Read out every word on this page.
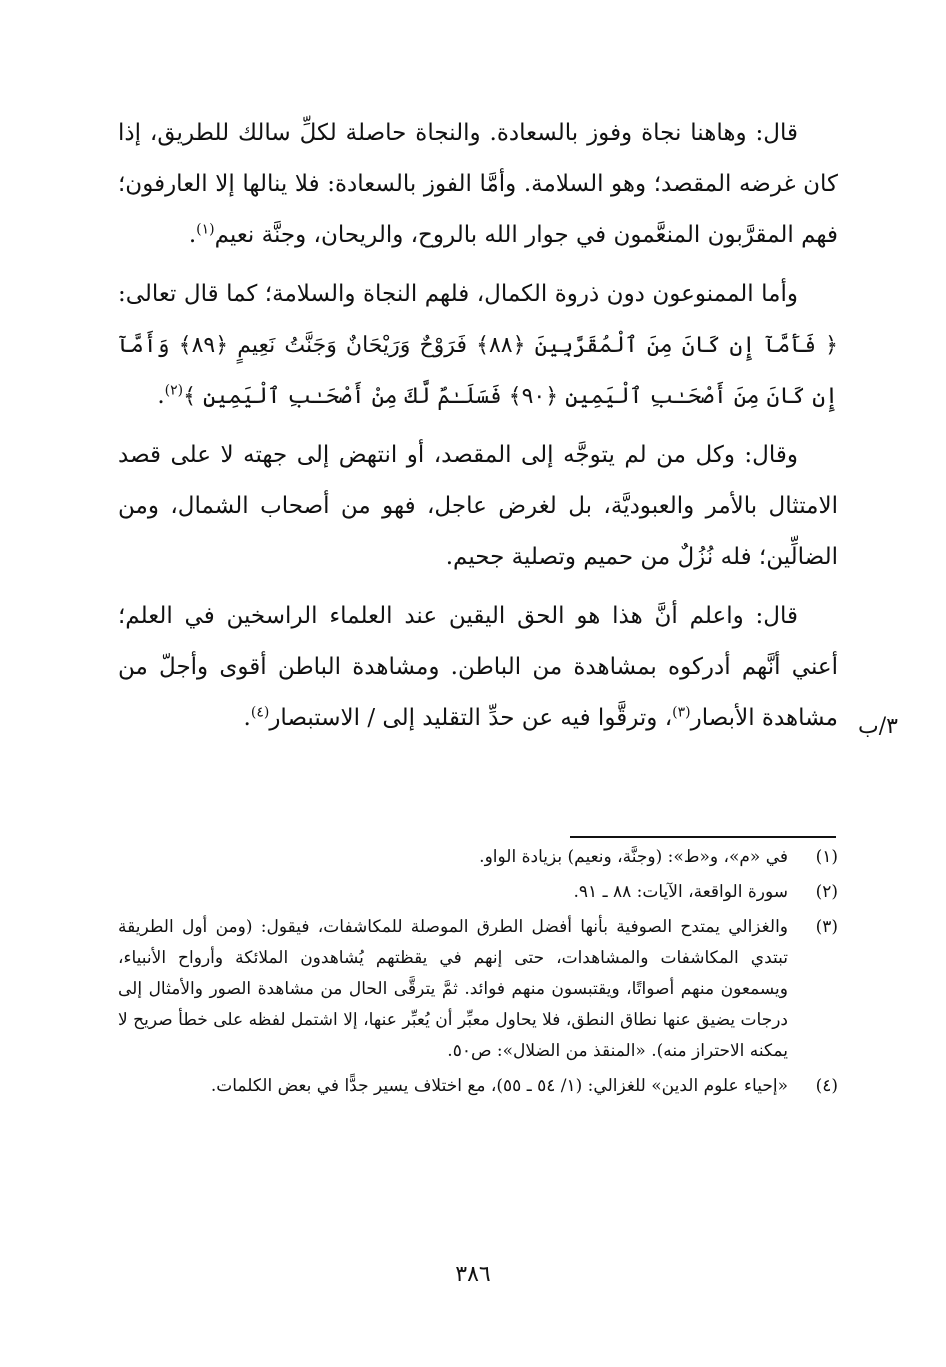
قال: وهاهنا نجاة وفوز بالسعادة. والنجاة حاصلة لكلِّ سالك للطريق، إذا كان غرضه المقصد؛ وهو السلامة. وأمَّا الفوز بالسعادة: فلا ينالها إلا العارفون؛ فهم المقرَّبون المنعَّمون في جوار الله بالروح، والريحان، وجنَّة نعيم$^{(١)}$.

وأما الممنوعون دون ذروة الكمال، فلهم النجاة والسلامة؛ كما قال تعالى: ﴿ فَأَمَّآ إِن كَانَ مِنَ ٱلْمُقَرَّبِينَ ﴿٨٨﴾ فَرَوْحٌ وَرَيْحَانٌ وَجَنَّتُ نَعِيمٍ ﴿٨٩﴾ وَأَمَّآ إِن كَانَ مِنَ أَصْحَـٰبِ ٱلْيَمِينِ ﴿٩٠﴾ فَسَلَـٰمٌ لَّكَ مِنْ أَصْحَـٰبِ ٱلْيَمِينِ ﴾$^{(٢)}$.

وقال: وكل من لم يتوجَّه إلى المقصد، أو انتهض إلى جهته لا على قصد الامتثال بالأمر والعبوديَّة، بل لغرض عاجل، فهو من أصحاب الشمال، ومن الضالِّين؛ فله نُزُلٌ من حميم وتصلية جحيم.

قال: واعلم أنَّ هذا هو الحق اليقين عند العلماء الراسخين في العلم؛ أعني أنَّهم أدركوه بمشاهدة من الباطن. ومشاهدة الباطن أقوى وأجلّ من مشاهدة الأبصار$^{(٣)}$، وترقَّوا فيه عن حدِّ التقليد إلى / الاستبصار$^{(٤)}$.	٣/ب
(١)
في «م»، و«ط»: (وجنَّة، ونعيم) بزيادة الواو.
(٢)
سورة الواقعة، الآيات: ٨٨ ـ ٩١.
(٣)
والغزالي يمتدح الصوفية بأنها أفضل الطرق الموصلة للمكاشفات، فيقول: (ومن أول الطريقة تبتدي المكاشفات والمشاهدات، حتى إنهم في يقظتهم يُشاهدون الملائكة وأرواح الأنبياء، ويسمعون منهم أصواتًا، ويقتبسون منهم فوائد. ثمَّ يترقَّى الحال من مشاهدة الصور والأمثال إلى درجات يضيق عنها نطاق النطق، فلا يحاول معبِّر أن يُعبِّر عنها، إلا اشتمل لفظه على خطأ صريح لا يمكنه الاحتراز منه). «المنقذ من الضلال»: ص٥٠.
(٤)
«إحياء علوم الدين» للغزالي: (١/ ٥٤ ـ ٥٥)، مع اختلاف يسير جدًّا في بعض الكلمات.
٣٨٦
